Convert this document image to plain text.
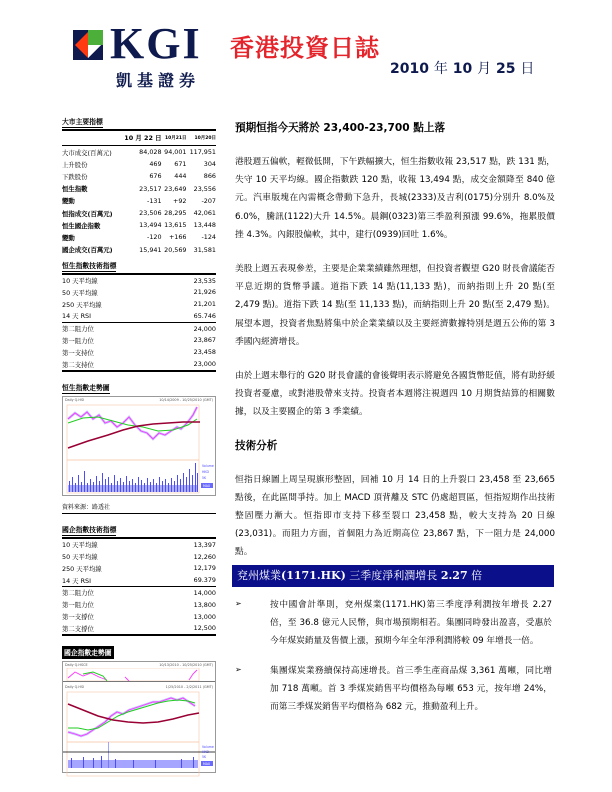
KGI
凱基證券
香港投資日誌
2010 年 10 月 25 日
大市主要指標
	10 月 22 日	10月21日	10月20日
大市成交(百萬元)	84,028	94,001	117,951
上升股份	469	671	304
下跌股份	676	444	866
恒生指數	23,517	23,649	23,556
變動	-131	+92	-207
恒指成交(百萬元)	23,506	28,295	42,061
恒生國企指數	13,494	13,615	13,448
變動	-120	+166	-124
國企成交(百萬元)	15,941	20,569	31,581
恒生指數技術指標
10 天平均線	23,535
50 天平均線	21,926
250 天平均線	21,201
14 天 RSI	65.746
第二阻力位	24,000
第一阻力位	23,867
第一支持位	23,458
第二支持位	23,000
恒生指數走勢圖
Daily Q.HSI	10/14/2009 - 10/25/2010 (GMT)
Volume
HKD
5K
MAX
資料來源：路透社
國企指數技術指標
10 天平均線	13,397
50 天平均線	12,260
250 天平均線	12,179
14 天 RSI	69.379
第二阻力位	14,000
第一阻力位	13,800
第一支撐位	13,000
第二支撐位	12,500
國企指數走勢圖
Daily Q.HSCE	10/13/2010 - 10/25/2010 (GMT)
Daily Q.HSI	1/25/2010 - 2/2/2011 (GMT)
Volume
HKD
5K
MAX
預期恒指今天將於 23,400-23,700 點上落

港股週五偏軟，輕微低開，下午跌幅擴大，恒生指數收報 23,517 點，跌 131 點，失守 10 天平均線。國企指數跌 120 點，收報 13,494 點，成交金額降至 840 億元。汽車版塊在內需概念帶動下急升，長城(2333)及吉利(0175)分別升 8.0%及 6.0%，騰訊(1122)大升 14.5%。晨鋼(0323)第三季盈利預漲 99.6%，拖累股價挫 4.3%。內銀股偏軟，其中，建行(0939)回吐 1.6%。

美股上週五表現參差，主要是企業業績雖然理想，但投資者觀望 G20 財長會議能否平息近期的貨幣爭議。道指下跌 14 點(11,133 點)，而納指則上升 20 點(至 2,479 點)。道指下跌 14 點(至 11,133 點)，而納指則上升 20 點(至 2,479 點)。展望本週，投資者焦點將集中於企業業績以及主要經濟數據特別是週五公佈的第 3 季國內經濟增長。

由於上週末舉行的 G20 財長會議的會後聲明表示將避免各國貨幣貶值，將有助紓緩投資者憂慮，或對港股帶來支持。投資者本週將注視週四 10 月期貨結算的相關數據，以及主要國企的第 3 季業績。

技術分析

恒指日線圖上周呈現旗形整固，回補 10 月 14 日的上升裂口 23,458 至 23,665 點後，在此區間爭持。加上 MACD 頂背離及 STC 仍處超買區，恒指短期作出技術整固壓力漸大。恒指即市支持下移至裂口 23,458 點，較大支持為 20 日線(23,031)。而阻力方面，首個阻力為近期高位 23,867 點，下一阻力是 24,000 點。

兗州煤業(1171.HK) 三季度淨利潤增長 2.27 倍
➢	按中國會計準則，兗州煤業(1171.HK)第三季度淨利潤按年增長 2.27 倍，至 36.8 億元人民幣，與市場預期相若。集團同時發出盈喜，受惠於今年煤炭銷量及售價上漲，預期今年全年淨利潤將較 09 年增長一倍。
➢	集團煤炭業務續保持高速增長。首三季生產商品煤 3,361 萬噸，同比增加 718 萬噸。首 3 季煤炭銷售平均價格為每噸 653 元，按年增 24%，而第三季煤炭銷售平均價格為 682 元，推動盈利上升。
